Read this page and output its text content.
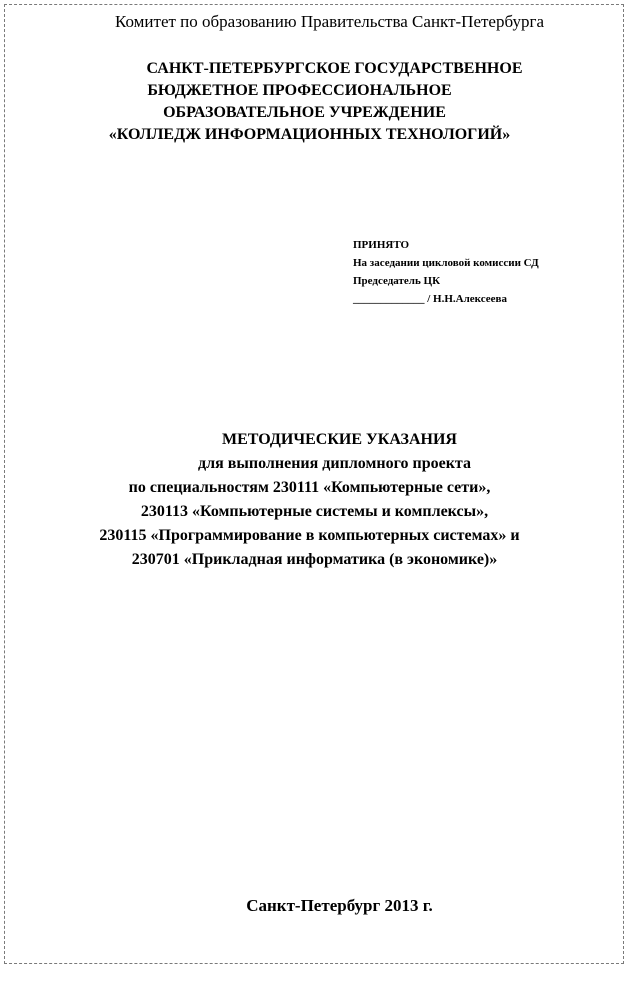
Комитет по образованию Правительства Санкт-Петербурга
САНКТ-ПЕТЕРБУРГСКОЕ ГОСУДАРСТВЕННОЕ
БЮДЖЕТНОЕ ПРОФЕССИОНАЛЬНОЕ
ОБРАЗОВАТЕЛЬНОЕ УЧРЕЖДЕНИЕ
«КОЛЛЕДЖ ИНФОРМАЦИОННЫХ ТЕХНОЛОГИЙ»
ПРИНЯТО
На заседании цикловой комиссии СД
Председатель ЦК
_____________ / Н.Н.Алексеева
МЕТОДИЧЕСКИЕ УКАЗАНИЯ
для выполнения дипломного проекта
по специальностям 230111 «Компьютерные сети»,
230113 «Компьютерные системы и комплексы»,
230115 «Программирование в компьютерных системах» и
230701 «Прикладная информатика (в экономике)»
Санкт-Петербург 2013 г.
